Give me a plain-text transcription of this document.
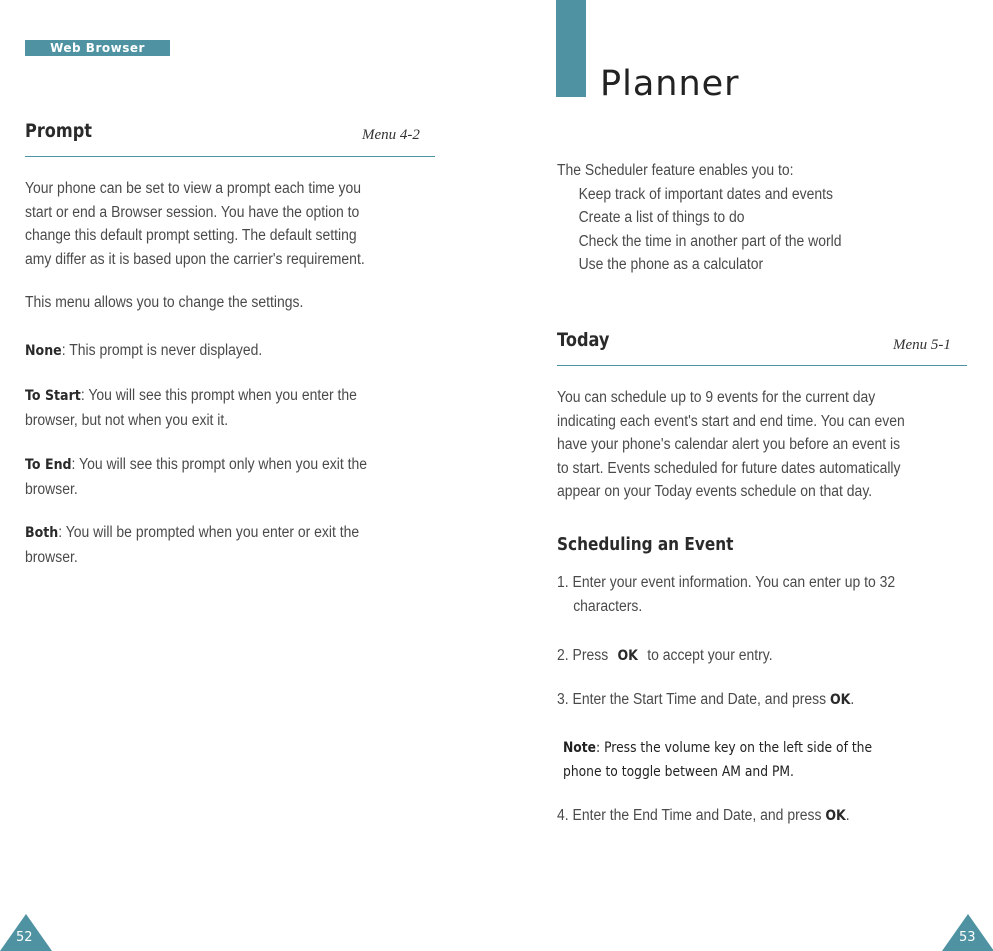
Web Browser
Prompt	Menu 4-2
Your phone can be set to view a prompt each time you
start or end a Browser session. You have the option to
change this default prompt setting. The default setting
amy differ as it is based upon the carrier's requirement.
This menu allows you to change the settings.
None: This prompt is never displayed.
To Start: You will see this prompt when you enter the
browser, but not when you exit it.
To End: You will see this prompt only when you exit the
browser.
Both: You will be prompted when you enter or exit the
browser.
52
Planner
The Scheduler feature enables you to:
Keep track of important dates and events
Create a list of things to do
Check the time in another part of the world
Use the phone as a calculator
Today	Menu 5-1
You can schedule up to 9 events for the current day
indicating each event's start and end time. You can even
have your phone's calendar alert you before an event is
to start. Events scheduled for future dates automatically
appear on your Today events schedule on that day.
Scheduling an Event
1. Enter your event information. You can enter up to 32
characters.
2. Press OK to accept your entry.
3. Enter the Start Time and Date, and press OK.
Note: Press the volume key on the left side of the
phone to toggle between AM and PM.
4. Enter the End Time and Date, and press OK.
53
